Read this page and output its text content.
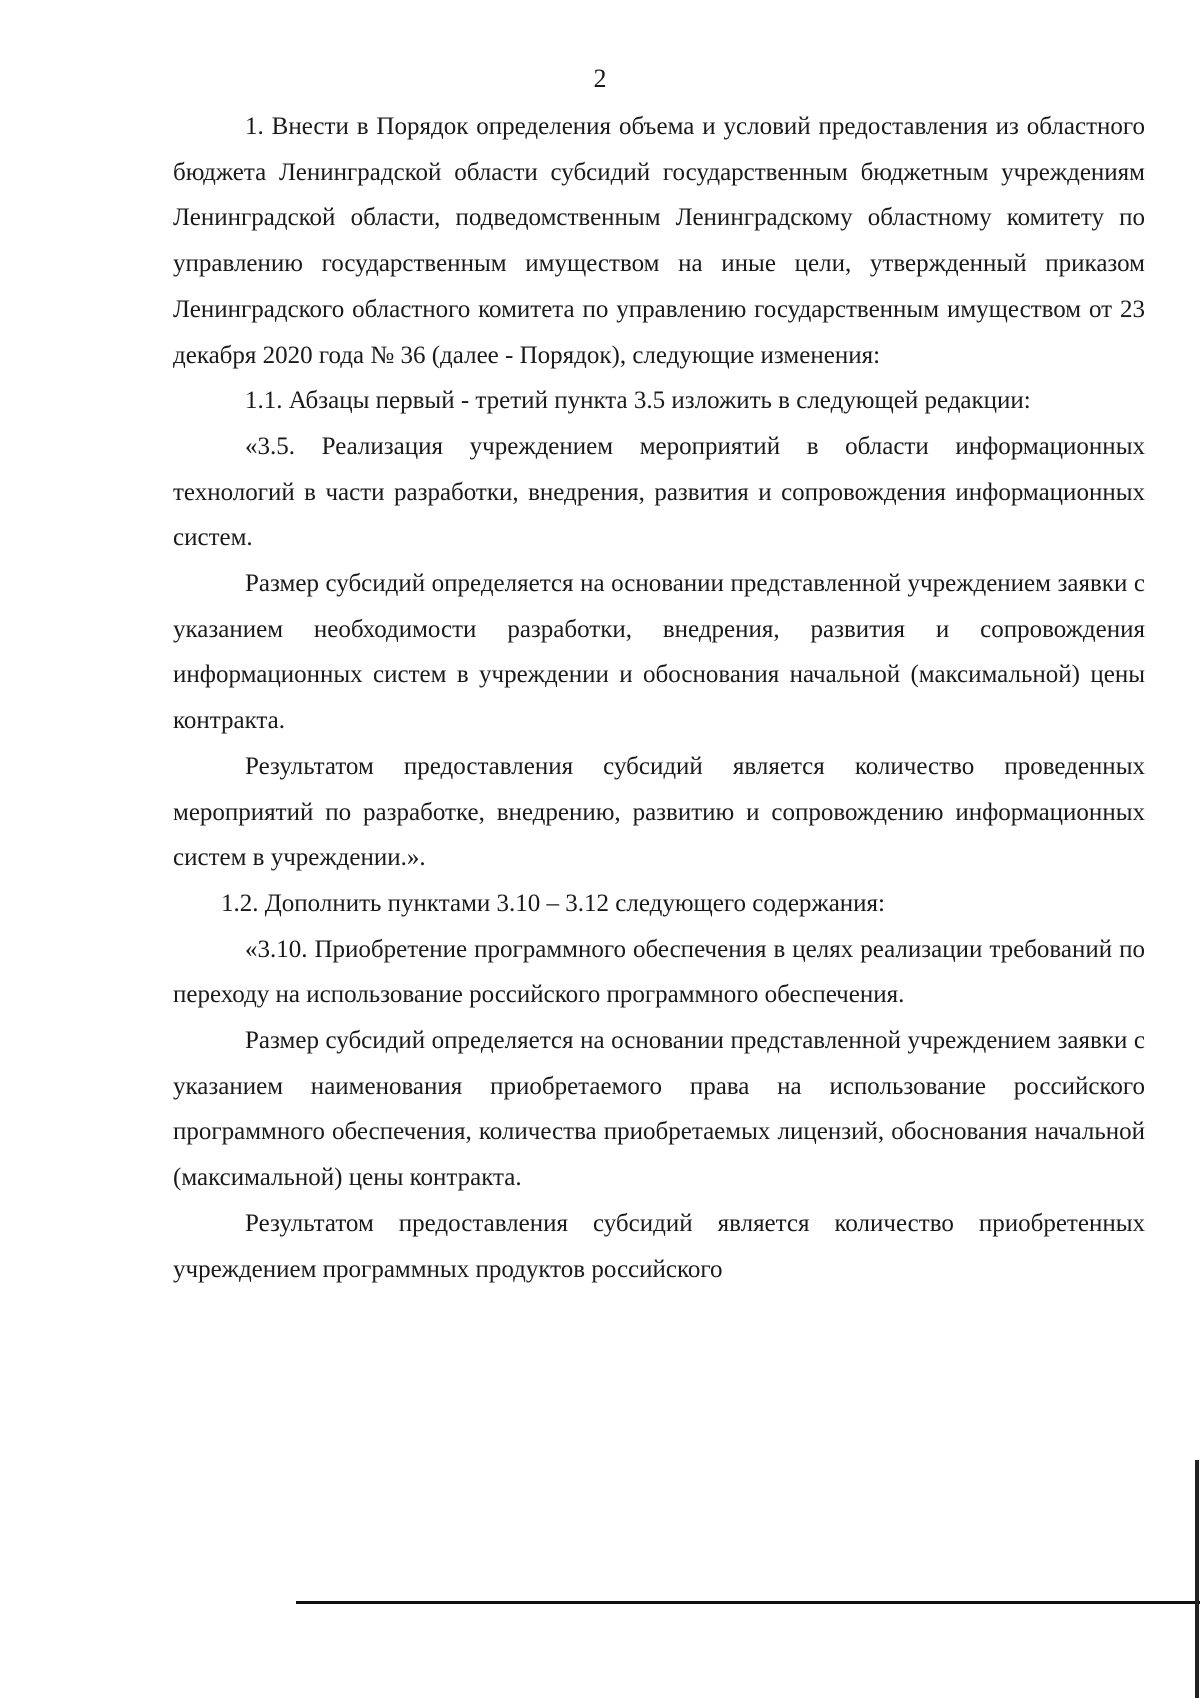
2

1. Внести в Порядок определения объема и условий предоставления из областного бюджета Ленинградской области субсидий государственным бюджетным учреждениям Ленинградской области, подведомственным Ленинградскому областному комитету по управлению государственным имуществом на иные цели, утвержденный приказом Ленинградского областного комитета по управлению государственным имуществом от 23 декабря 2020 года № 36 (далее - Порядок), следующие изменения:

1.1. Абзацы первый - третий пункта 3.5 изложить в следующей редакции:

«3.5. Реализация учреждением мероприятий в области информационных технологий в части разработки, внедрения, развития и сопровождения информационных систем.

Размер субсидий определяется на основании представленной учреждением заявки с указанием необходимости разработки, внедрения, развития и сопровождения информационных систем в учреждении и обоснования начальной (максимальной) цены контракта.

Результатом предоставления субсидий является количество проведенных мероприятий по разработке, внедрению, развитию и сопровождению информационных систем в учреждении.».

1.2. Дополнить пунктами 3.10 – 3.12 следующего содержания:

«3.10. Приобретение программного обеспечения в целях реализации требований по переходу на использование российского программного обеспечения.

Размер субсидий определяется на основании представленной учреждением заявки с указанием наименования приобретаемого права на использование российского программного обеспечения, количества приобретаемых лицензий, обоснования начальной (максимальной) цены контракта.

Результатом предоставления субсидий является количество приобретенных учреждением программных продуктов российского
